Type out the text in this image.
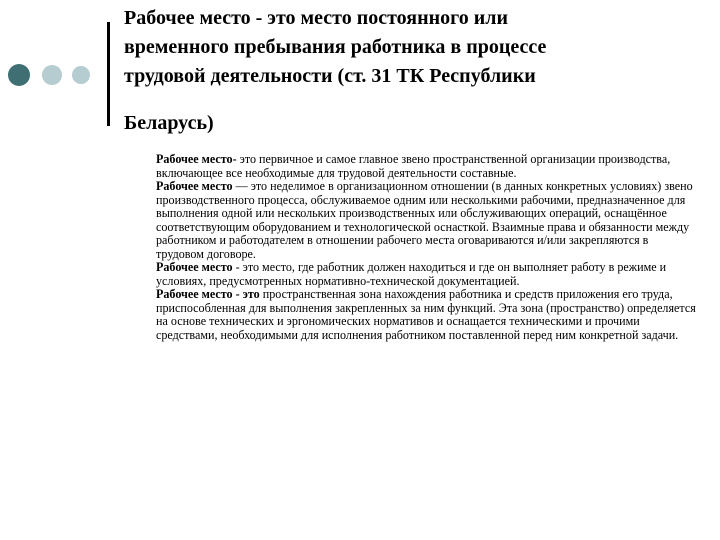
Рабочее место - это место постоянного или
временного пребывания работника в процессе
трудовой деятельности (ст. 31 ТК Республики
Беларусь)

Рабочее место- это первичное и самое главное звено пространственной организации производства, включающее все необходимые для трудовой деятельности составные.

Рабочее место — это неделимое в организационном отношении (в данных конкретных условиях) звено производственного процесса, обслуживаемое одним или несколькими рабочими, предназначенное для выполнения одной или нескольких производственных или обслуживающих операций, оснащённое соответствующим оборудованием и технологической оснасткой. Взаимные права и обязанности между работником и работодателем в отношении рабочего места оговариваются и/или закрепляются в трудовом договоре.

Рабочее место - это место, где работник должен находиться и где он выполняет работу в режиме и условиях, предусмотренных нормативно-технической документацией.

Рабочее место - это пространственная зона нахождения работника и средств приложения его труда, приспособленная для выполнения закрепленных за ним функций. Эта зона (пространство) определяется на основе технических и эргономических нормативов и оснащается техническими и прочими средствами, необходимыми для исполнения работником поставленной перед ним конкретной задачи.
